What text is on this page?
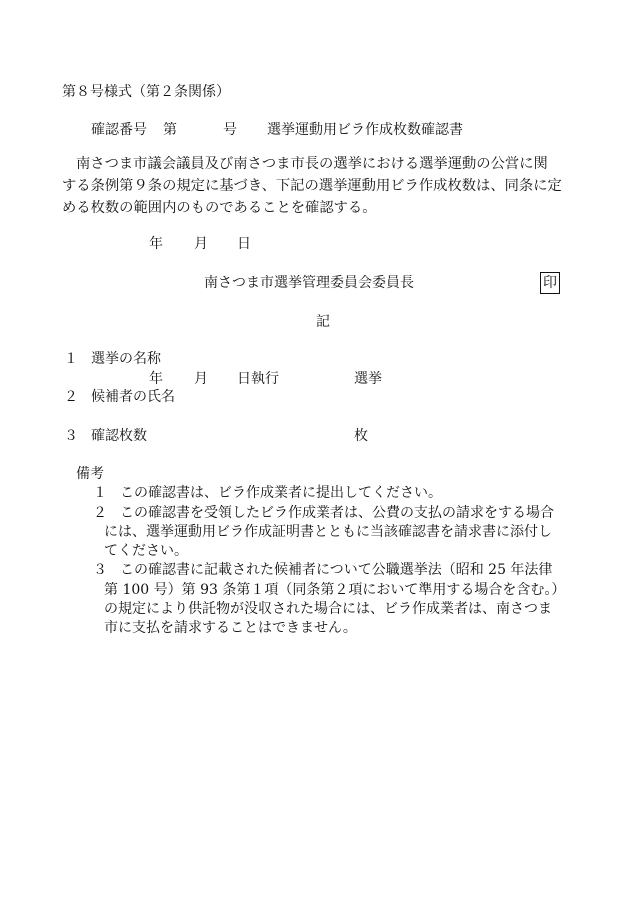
第８号様式（第２条関係）
確認番号 第	号 選挙運動用ビラ作成枚数確認書
南さつま市議会議員及び南さつま市長の選挙における選挙運動の公営に関
する条例第９条の規定に基づき、下記の選挙運動用ビラ作成枚数は、同条に定
める枚数の範囲内のものであることを確認する。
年 月 日
南さつま市選挙管理委員会委員長	印
記
１ 選挙の名称
年 月 日執行	選挙
２ 候補者の氏名
３ 確認枚数	枚
備考
１ この確認書は、ビラ作成業者に提出してください。
２ この確認書を受領したビラ作成業者は、公費の支払の請求をする場合
には、選挙運動用ビラ作成証明書とともに当該確認書を請求書に添付し
てください。
３ この確認書に記載された候補者について公職選挙法（昭和 25 年法律
第 100 号）第 93 条第１項（同条第２項において準用する場合を含む。）
の規定により供託物が没収された場合には、ビラ作成業者は、南さつま
市に支払を請求することはできません。
